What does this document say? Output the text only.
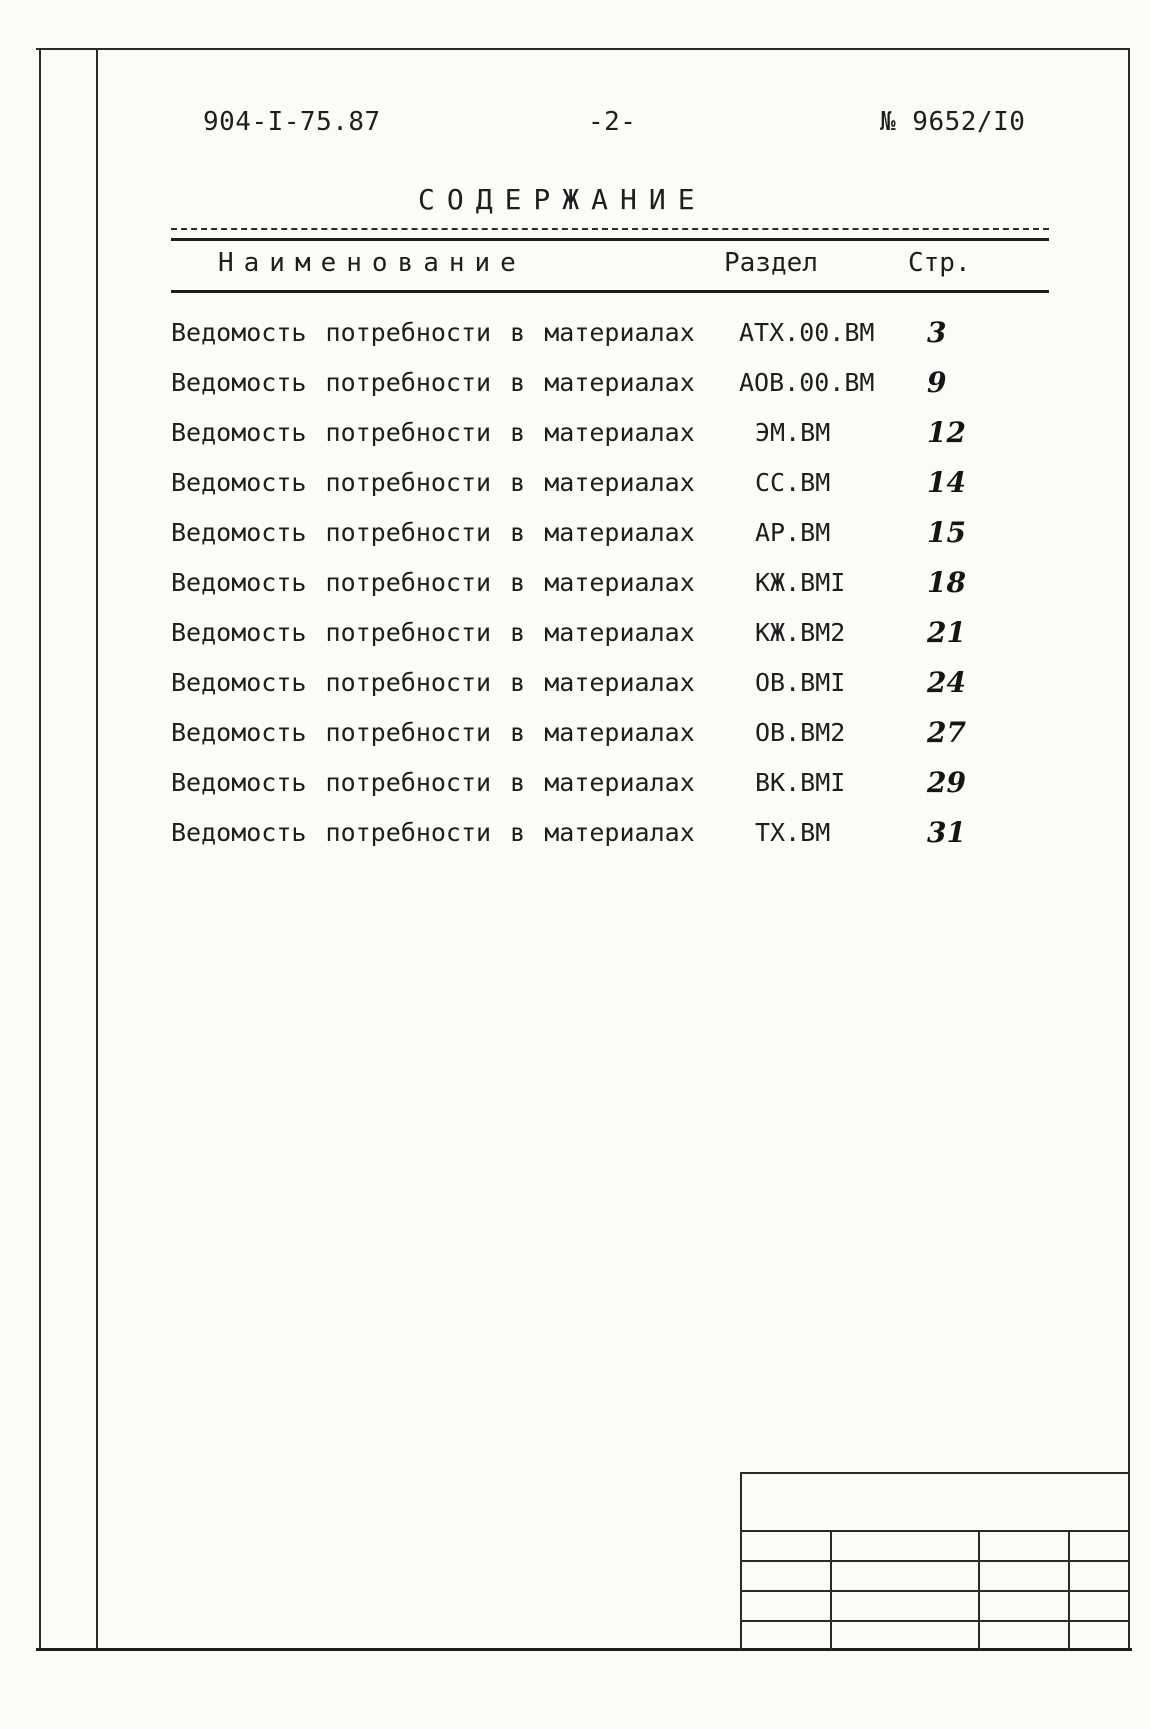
904-I-75.87	-2-	№ 9652/I0
СОДЕРЖАНИЕ
Наименование	Раздел	Стр.
Ведомость потребности в материалах АТХ.00.ВМ 3
Ведомость потребности в материалах АОВ.00.ВМ 9
Ведомость потребности в материалах ЭМ.ВМ	12
Ведомость потребности в материалах СС.ВМ	14
Ведомость потребности в материалах АР.ВМ	15
Ведомость потребности в материалах КЖ.ВМI	18
Ведомость потребности в материалах КЖ.ВМ2	21
Ведомость потребности в материалах ОВ.ВМI	24
Ведомость потребности в материалах ОВ.ВМ2	27
Ведомость потребности в материалах ВК.ВМI	29
Ведомость потребности в материалах ТХ.ВМ	31
